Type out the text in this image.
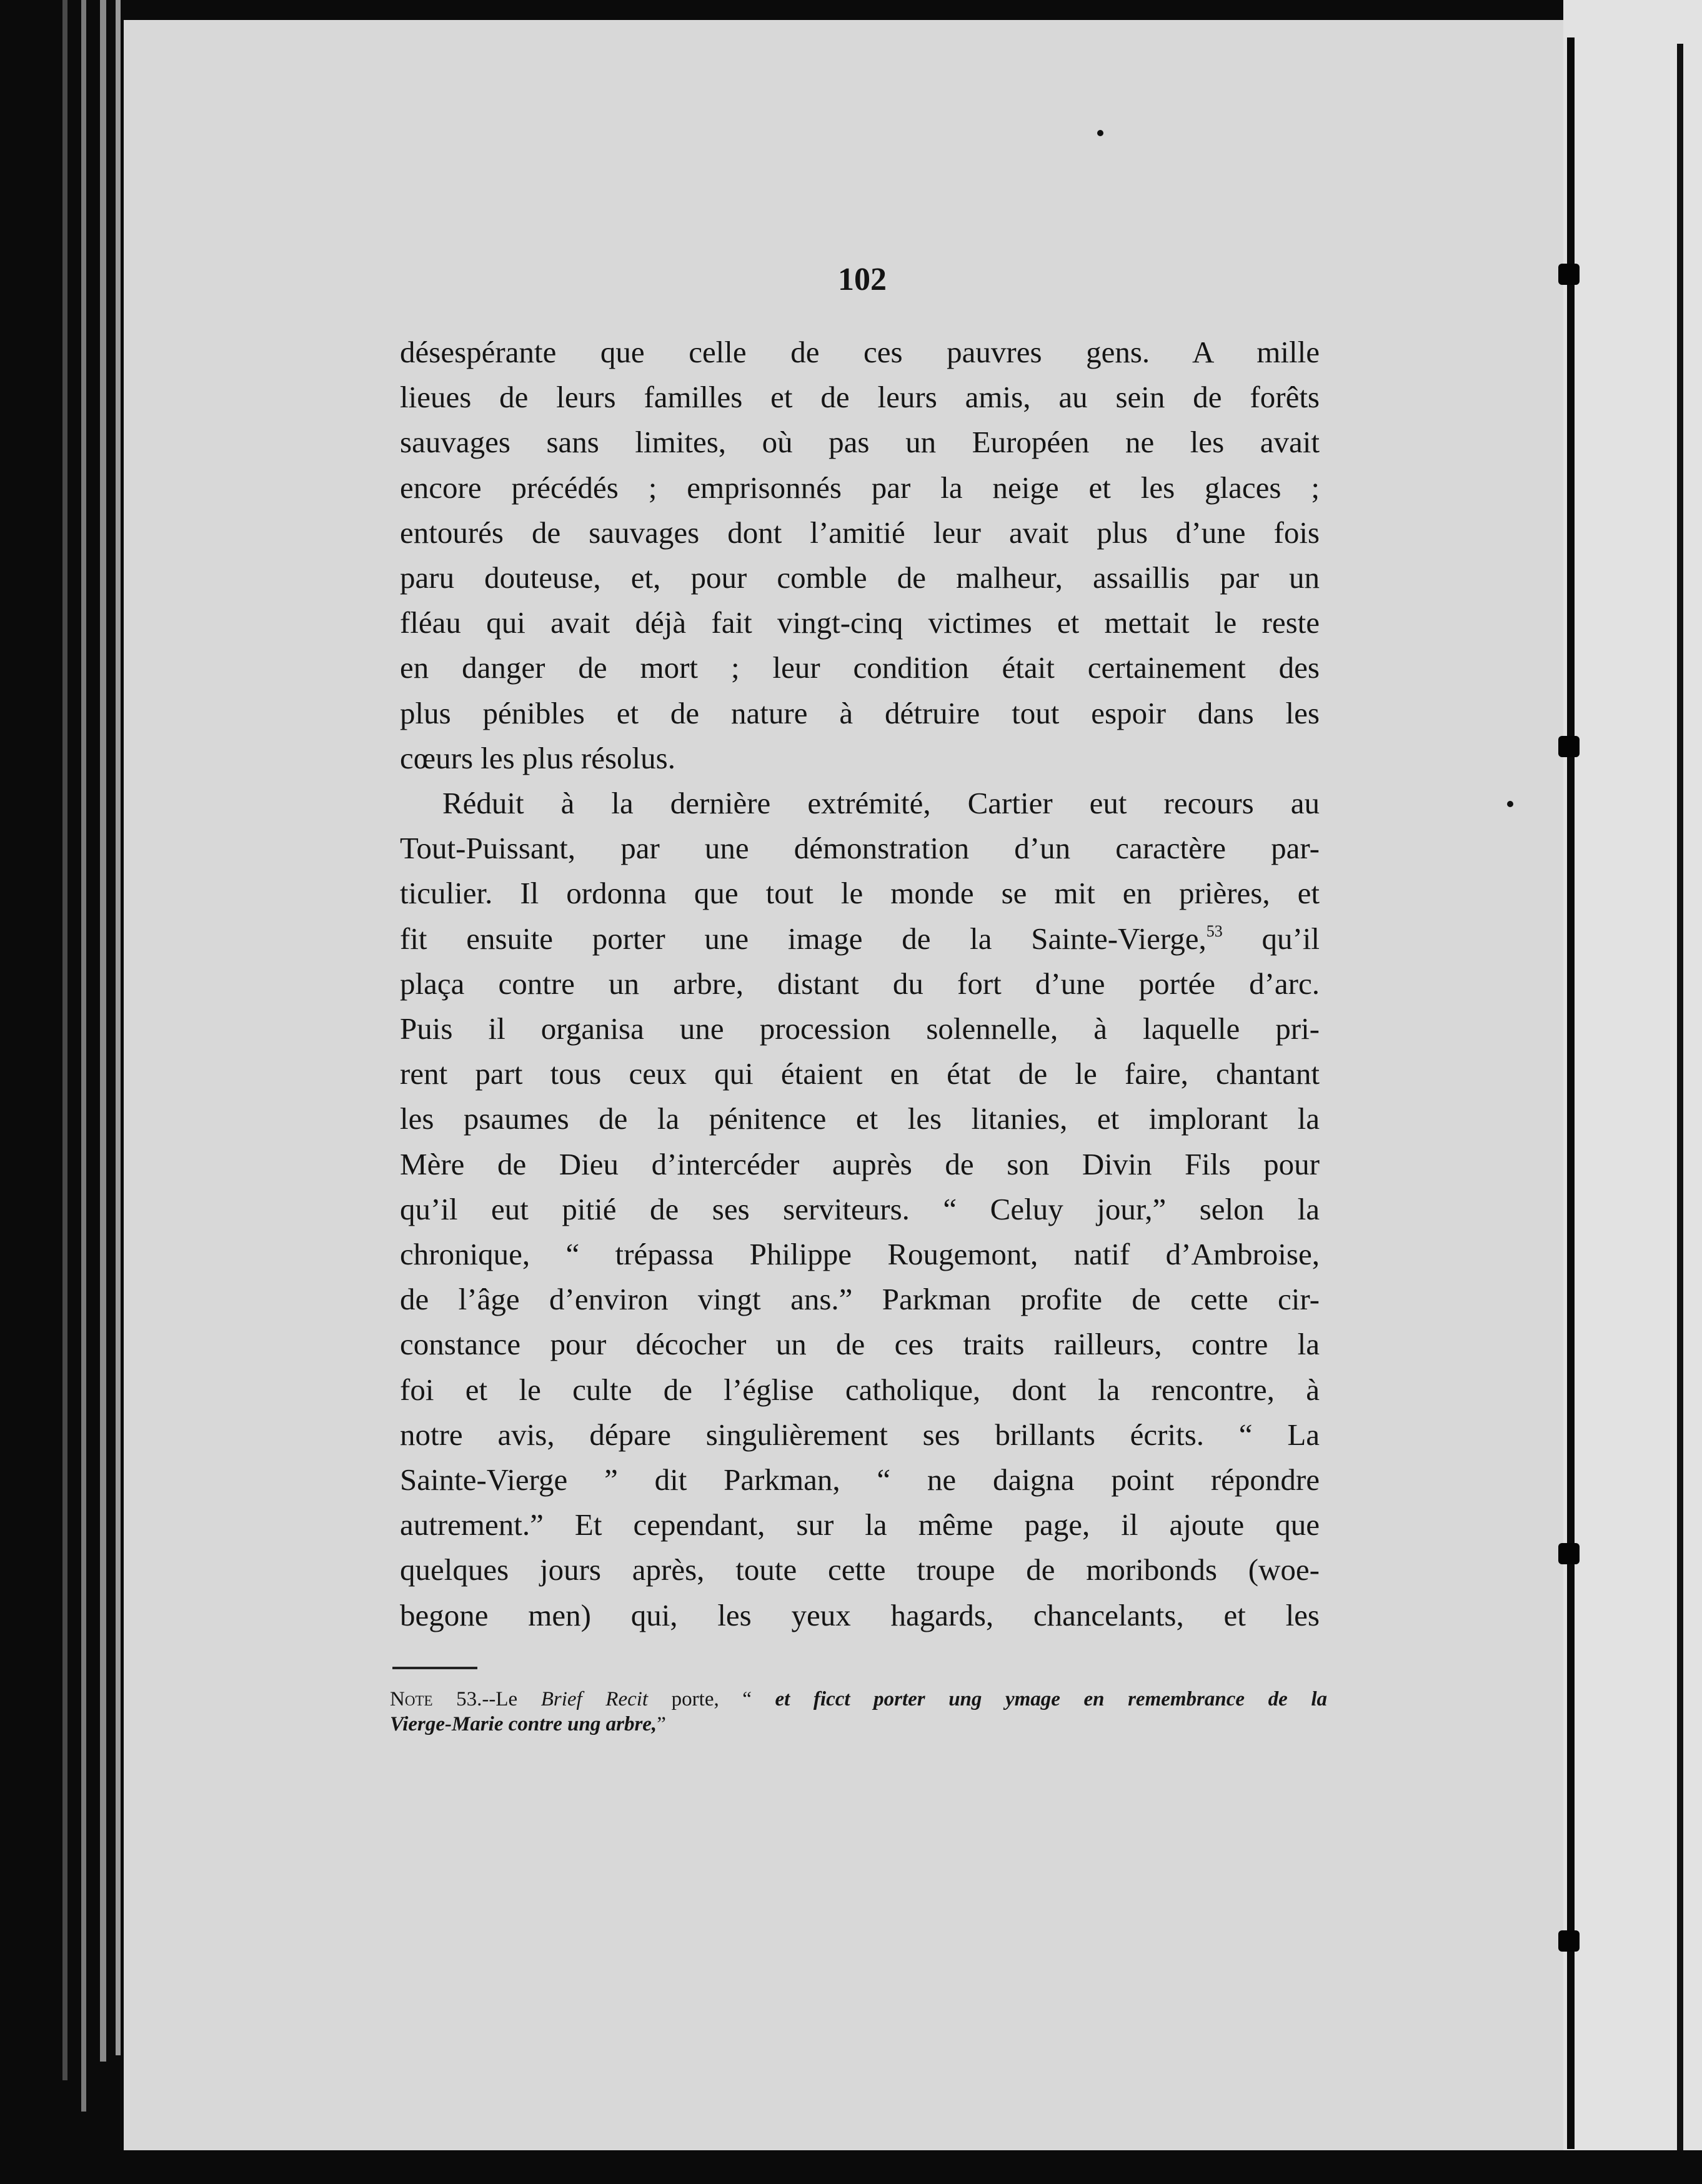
102
désespérante que celle de ces pauvres gens. A mille
lieues de leurs familles et de leurs amis, au sein de forêts
sauvages sans limites, où pas un Européen ne les avait
encore précédés ; emprisonnés par la neige et les glaces ;
entourés de sauvages dont l’amitié leur avait plus d’une fois
paru douteuse, et, pour comble de malheur, assaillis par un
fléau qui avait déjà fait vingt-cinq victimes et mettait le reste
en danger de mort ; leur condition était certainement des
plus pénibles et de nature à détruire tout espoir dans les
cœurs les plus résolus.
Réduit à la dernière extrémité, Cartier eut recours au
Tout-Puissant, par une démonstration d’un caractère par-
ticulier. Il ordonna que tout le monde se mit en prières, et
fit ensuite porter une image de la Sainte-Vierge,$^{53}$ qu’il
plaça contre un arbre, distant du fort d’une portée d’arc.
Puis il organisa une procession solennelle, à laquelle pri-
rent part tous ceux qui étaient en état de le faire, chantant
les psaumes de la pénitence et les litanies, et implorant la
Mère de Dieu d’intercéder auprès de son Divin Fils pour
qu’il eut pitié de ses serviteurs. “ Celuy jour,” selon la
chronique, “ trépassa Philippe Rougemont, natif d’Ambroise,
de l’âge d’environ vingt ans.” Parkman profite de cette cir-
constance pour décocher un de ces traits railleurs, contre la
foi et le culte de l’église catholique, dont la rencontre, à
notre avis, dépare singulièrement ses brillants écrits. “ La
Sainte-Vierge ” dit Parkman, “ ne daigna point répondre
autrement.” Et cependant, sur la même page, il ajoute que
quelques jours après, toute cette troupe de moribonds (woe-
begone men) qui, les yeux hagards, chancelants, et les
Note 53.--Le Brief Recit porte, “ et ficct porter ung ymage en remembrance de la
Vierge-Marie contre ung arbre,”
